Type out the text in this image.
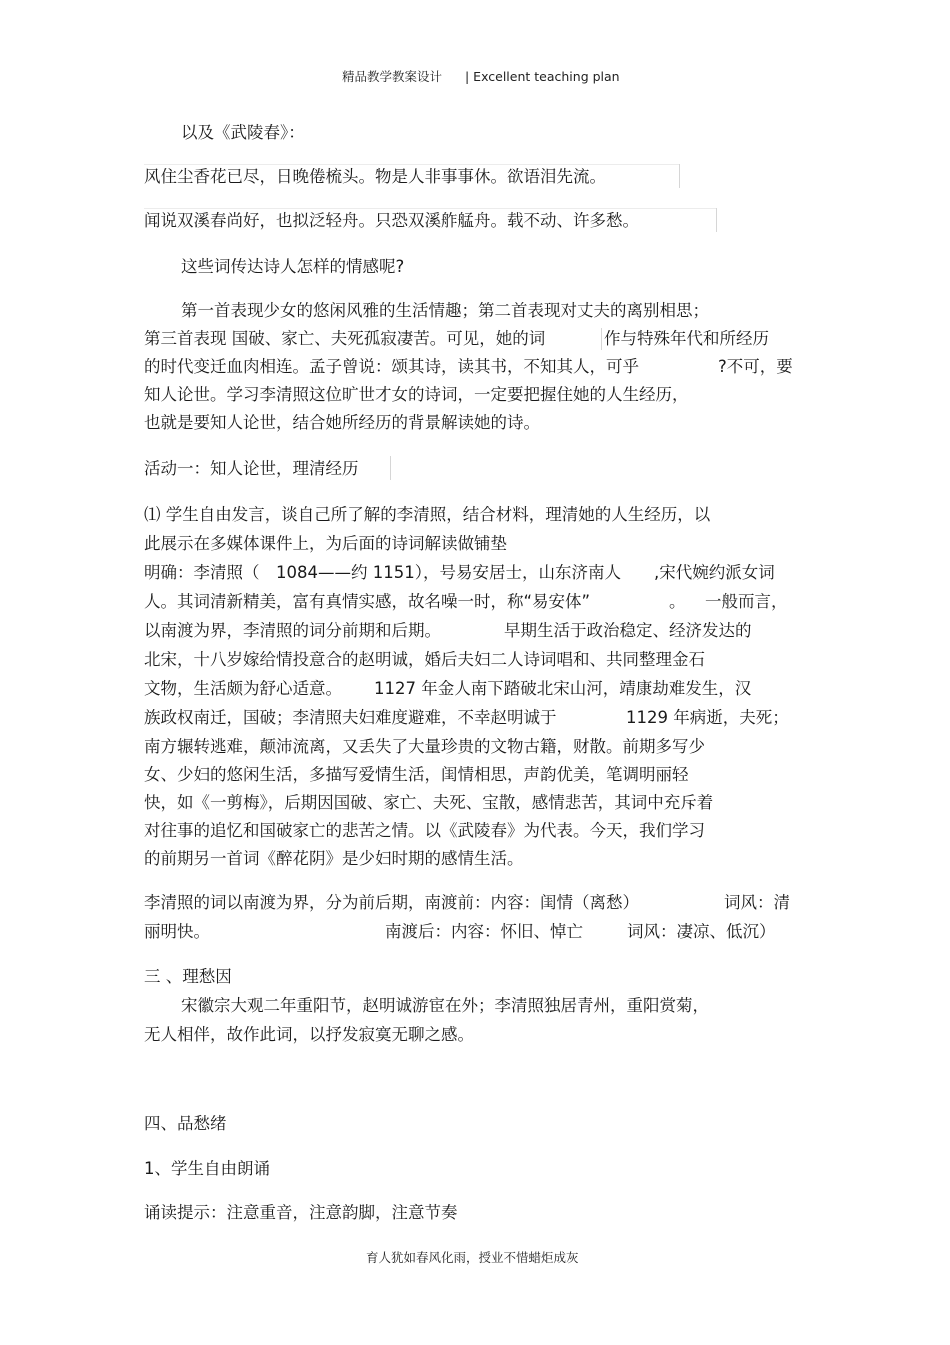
精品教学教案设计 | Excellent teaching plan
以及《武陵春》：
风住尘香花已尽，日晚倦梳头。物是人非事事休。欲语泪先流。
闻说双溪春尚好，也拟泛轻舟。只恐双溪舴艋舟。载不动、许多愁。
这些词传达诗人怎样的情感呢?
第一首表现少女的悠闲风雅的生活情趣；第二首表现对丈夫的离别相思；
第三首表现 国破、家亡、夫死孤寂凄苦。可见，她的词	作与特殊年代和所经历
的时代变迁血肉相连。孟子曾说：颂其诗，读其书，不知其人，可乎	?不可，要
知人论世。学习李清照这位旷世才女的诗词，一定要把握住她的人生经历，
也就是要知人论世，结合她所经历的背景解读她的诗。
活动一：知人论世，理清经历
⑴ 学生自由发言，谈自己所了解的李清照，结合材料，理清她的人生经历，以
此展示在多媒体课件上，为后面的诗词解读做铺垫
明确：李清照（ 1084——约 1151），号易安居士，山东济南人 ,宋代婉约派女词
人。其词清新精美，富有真情实感，故名噪一时，称“易安体”	。 一般而言，
以南渡为界，李清照的词分前期和后期。	早期生活于政治稳定、经济发达的
北宋，十八岁嫁给情投意合的赵明诚，婚后夫妇二人诗词唱和、共同整理金石
文物，生活颇为舒心适意。 1127 年金人南下踏破北宋山河，靖康劫难发生，汉
族政权南迁，国破；李清照夫妇难度避难，不幸赵明诚于	1129 年病逝，夫死；
南方辗转逃难，颠沛流离，又丢失了大量珍贵的文物古籍，财散。前期多写少
女、少妇的悠闲生活，多描写爱情生活，闺情相思，声韵优美，笔调明丽轻
快，如《一剪梅》，后期因国破、家亡、夫死、宝散，感情悲苦，其词中充斥着
对往事的追忆和国破家亡的悲苦之情。以《武陵春》为代表。今天，我们学习
的前期另一首词《醉花阴》是少妇时期的感情生活。
李清照的词以南渡为界，分为前后期，南渡前：内容：闺情（离愁）	词风：清
丽明快。	南渡后：内容：怀旧、悼亡	词风：凄凉、低沉）
三 、理愁因
宋徽宗大观二年重阳节，赵明诚游宦在外；李清照独居青州，重阳赏菊，
无人相伴，故作此词，以抒发寂寞无聊之感。
四、品愁绪
1、学生自由朗诵
诵读提示：注意重音，注意韵脚，注意节奏
育人犹如春风化雨，授业不惜蜡炬成灰
